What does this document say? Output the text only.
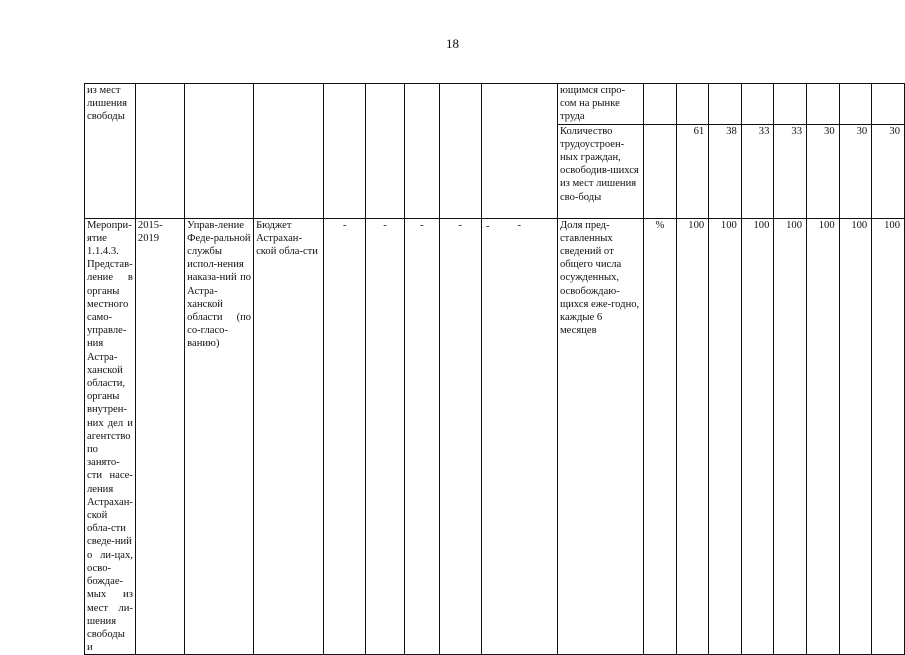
18
из мест лишения свободы									ющимся спро-сом на рынке труда								
									Количество трудоустроен-ных граждан, освободив-шихся из мест лишения сво-боды		61	38	33	33	30	30	30
Меропри-ятие 1.1.4.3. Представ-ление в органы местного само-управле-ния Астра-ханской области, органы внутрен-них дел и агентство по занято-сти насе-ления Астрахан-ской обла-сти сведе-ний о ли-цах, осво-бождае-мых из мест ли-шения свободы и	2015-2019	Управ-ление Феде-ральной службы испол-нения наказа-ний по Астра-ханской области (по со-гласо-ванию)	Бюджет Астрахан-ской обла-сти	-	-	-	-	-	Доля пред-ставленных сведений от общего числа осужденных, освобождаю-щихся еже-годно, каждые 6 месяцев	%	100	100	100	100	100	100	100
-
